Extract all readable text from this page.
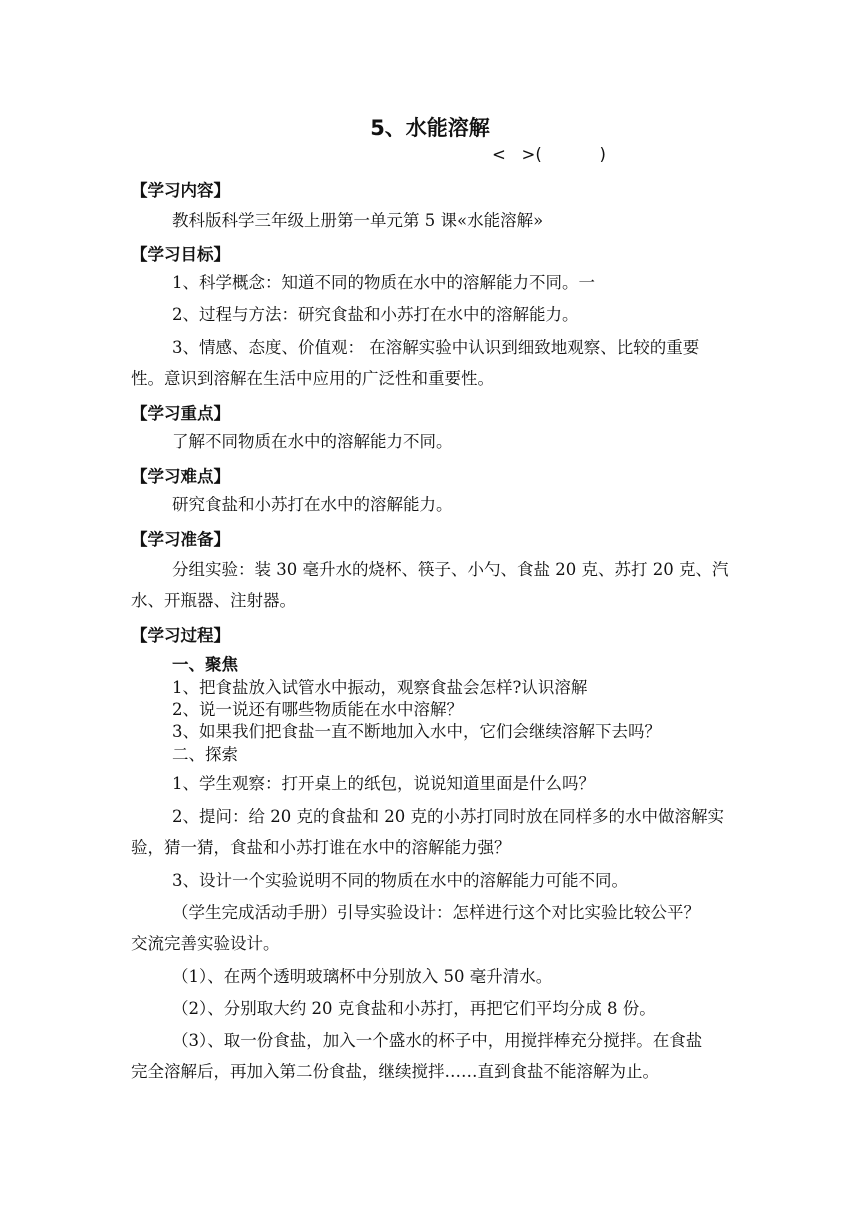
5、水能溶解
<   >(           )
【学习内容】
教科版科学三年级上册第一单元第 5 课«水能溶解»
【学习目标】
1、科学概念：知道不同的物质在水中的溶解能力不同。一
2、过程与方法：研究食盐和小苏打在水中的溶解能力。
3、情感、态度、价值观： 在溶解实验中认识到细致地观察、比较的重要
性。意识到溶解在生活中应用的广泛性和重要性。
【学习重点】
了解不同物质在水中的溶解能力不同。
【学习难点】
研究食盐和小苏打在水中的溶解能力。
【学习准备】
分组实验：装 30 毫升水的烧杯、筷子、小勺、食盐 20 克、苏打 20 克、汽
水、开瓶器、注射器。
【学习过程】
一、聚焦
1、把食盐放入试管水中振动，观察食盐会怎样?认识溶解
2、说一说还有哪些物质能在水中溶解？
3、如果我们把食盐一直不断地加入水中，它们会继续溶解下去吗？
二、探索
1、学生观察：打开桌上的纸包，说说知道里面是什么吗？
2、提问：给 20 克的食盐和 20 克的小苏打同时放在同样多的水中做溶解实
验，猜一猜，食盐和小苏打谁在水中的溶解能力强？
3、设计一个实验说明不同的物质在水中的溶解能力可能不同。
（学生完成活动手册）引导实验设计：怎样进行这个对比实验比较公平？
交流完善实验设计。
（1）、在两个透明玻璃杯中分别放入 50 毫升清水。
（2）、分别取大约 20 克食盐和小苏打，再把它们平均分成 8 份。
（3）、取一份食盐，加入一个盛水的杯子中，用搅拌棒充分搅拌。在食盐
完全溶解后，再加入第二份食盐，继续搅拌……直到食盐不能溶解为止。
